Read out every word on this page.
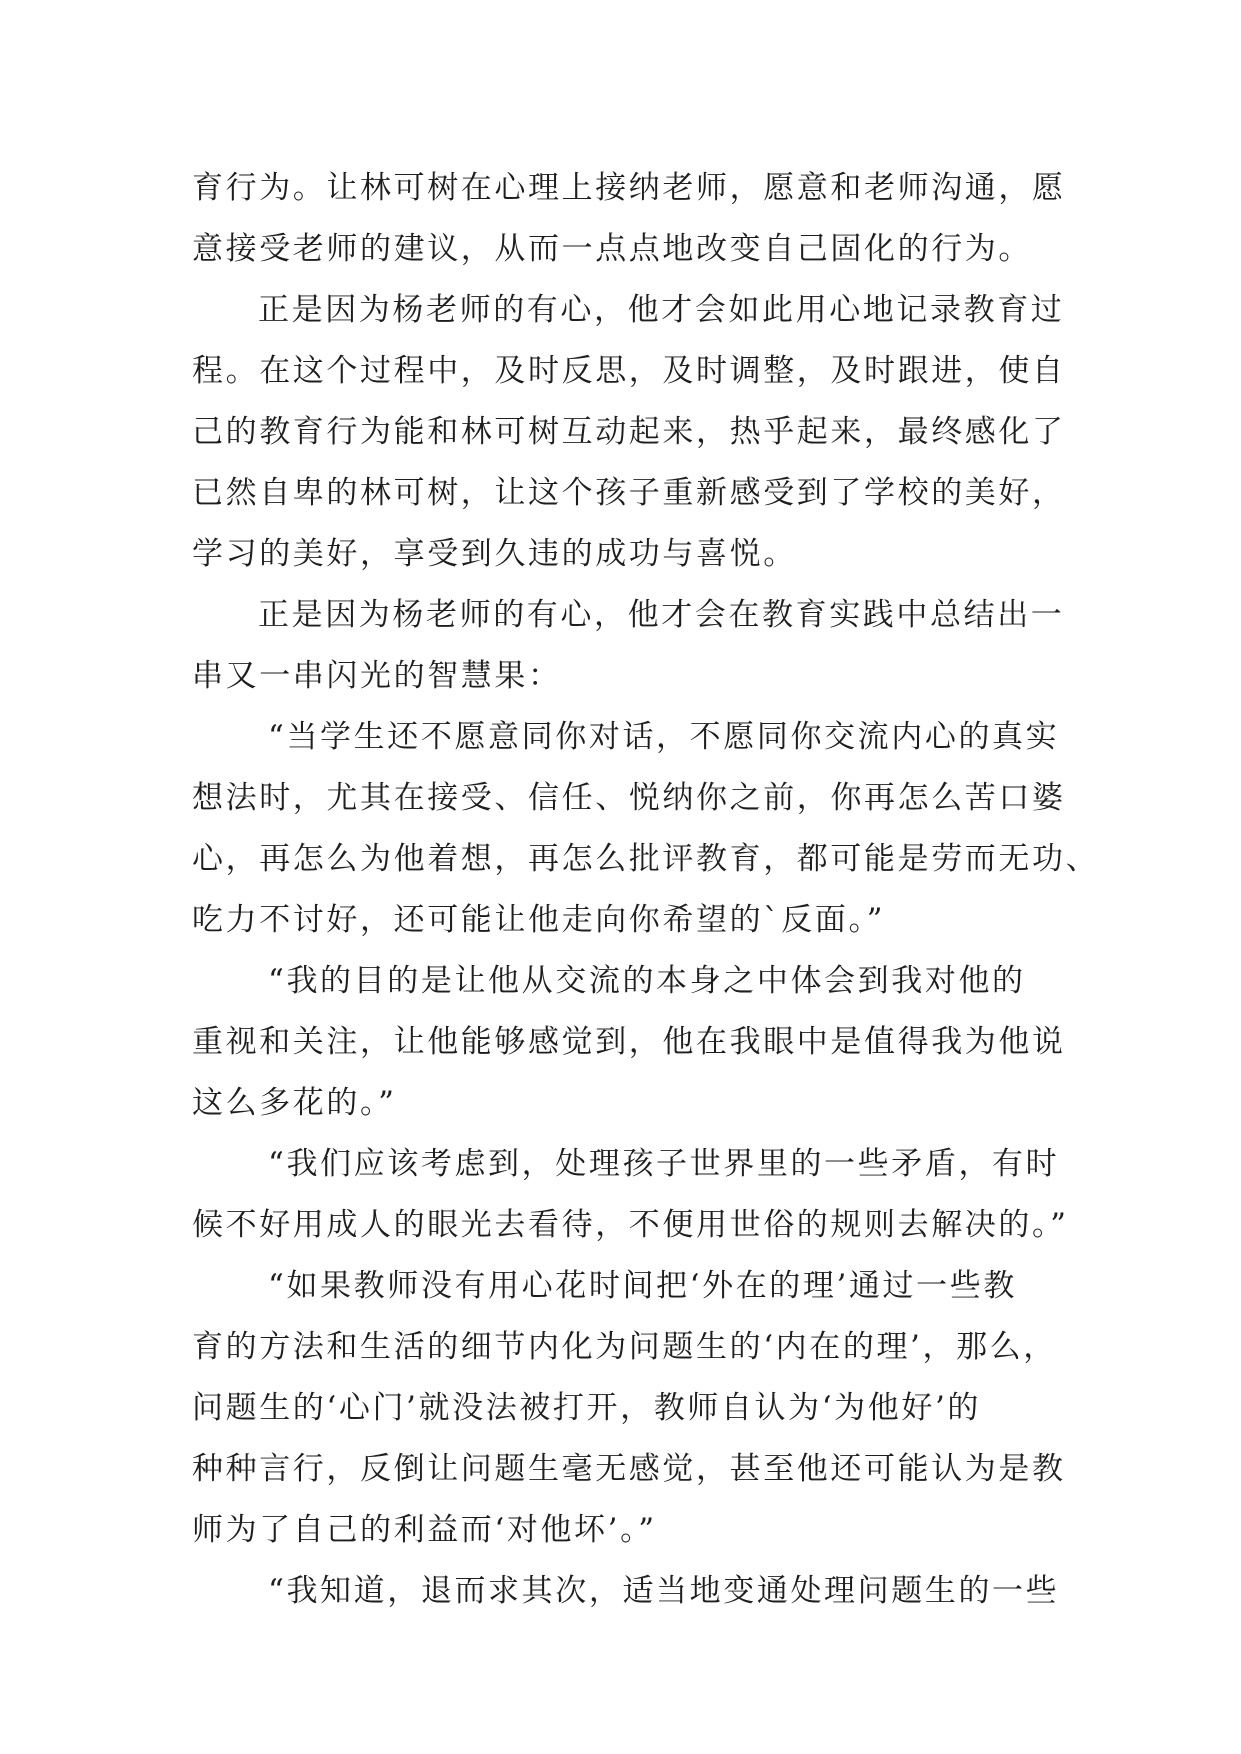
育行为。让林可树在心理上接纳老师，愿意和老师沟通，愿
意接受老师的建议，从而一点点地改变自己固化的行为。
正是因为杨老师的有心，他才会如此用心地记录教育过
程。在这个过程中，及时反思，及时调整，及时跟进，使自
己的教育行为能和林可树互动起来，热乎起来，最终感化了
已然自卑的林可树，让这个孩子重新感受到了学校的美好，
学习的美好，享受到久违的成功与喜悦。
正是因为杨老师的有心，他才会在教育实践中总结出一
串又一串闪光的智慧果：
“当学生还不愿意同你对话，不愿同你交流内心的真实
想法时，尤其在接受、信任、悦纳你之前，你再怎么苦口婆
心，再怎么为他着想，再怎么批评教育，都可能是劳而无功、
吃力不讨好，还可能让他走向你希望的`反面。”
“我的目的是让他从交流的本身之中体会到我对他的
重视和关注，让他能够感觉到，他在我眼中是值得我为他说
这么多花的。”
“我们应该考虑到，处理孩子世界里的一些矛盾，有时
候不好用成人的眼光去看待，不便用世俗的规则去解决的。”
“如果教师没有用心花时间把‘外在的理’通过一些教
育的方法和生活的细节内化为问题生的‘内在的理’，那么，
问题生的‘心门’就没法被打开，教师自认为‘为他好’的
种种言行，反倒让问题生毫无感觉，甚至他还可能认为是教
师为了自己的利益而‘对他坏’。”
“我知道，退而求其次，适当地变通处理问题生的一些
